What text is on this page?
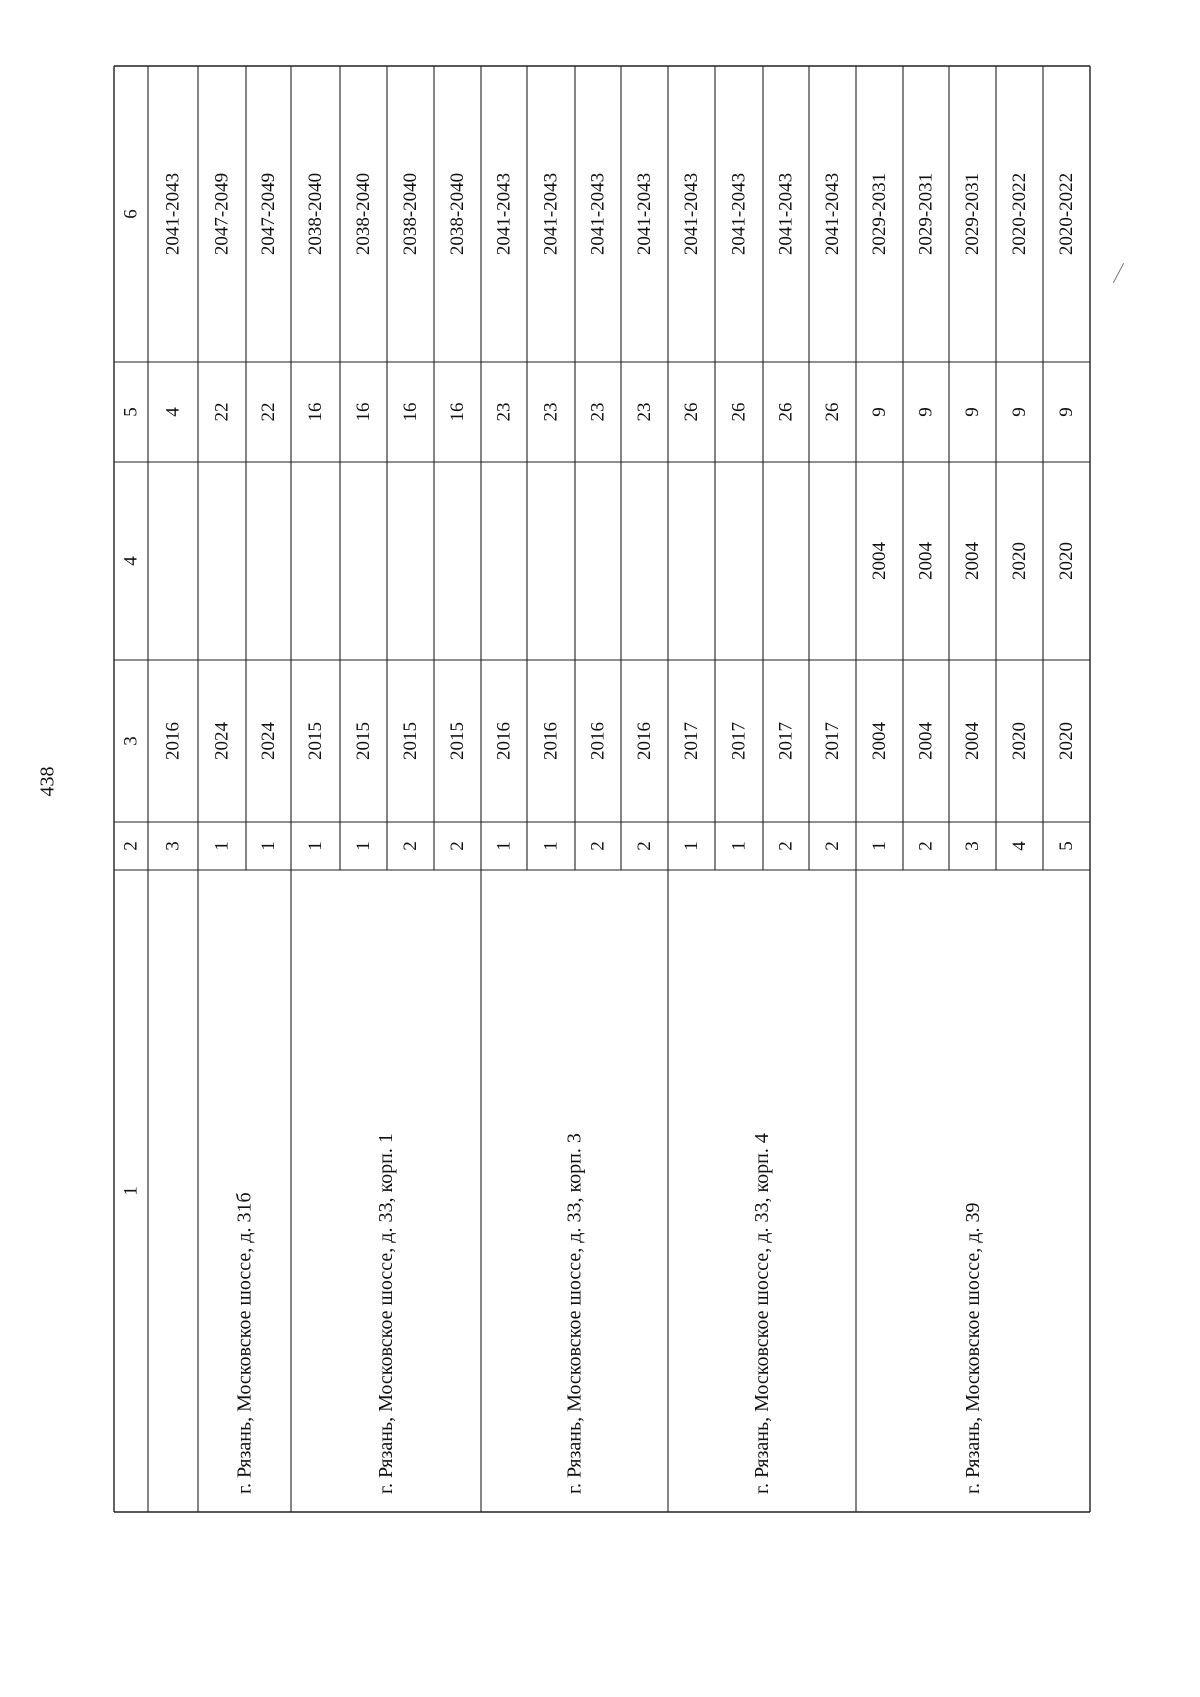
438
1
2
3
4
5
6
3
2016
4
2041-2043
г. Рязань, Московское шоссе, д. 31б
1
2024
22
2047-2049
1
2024
22
2047-2049
г. Рязань, Московское шоссе, д. 33, корп. 1
1
2015
16
2038-2040
1
2015
16
2038-2040
2
2015
16
2038-2040
2
2015
16
2038-2040
г. Рязань, Московское шоссе, д. 33, корп. 3
1
2016
23
2041-2043
1
2016
23
2041-2043
2
2016
23
2041-2043
2
2016
23
2041-2043
г. Рязань, Московское шоссе, д. 33, корп. 4
1
2017
26
2041-2043
1
2017
26
2041-2043
2
2017
26
2041-2043
2
2017
26
2041-2043
г. Рязань, Московское шоссе, д. 39
1
2004
2004
9
2029-2031
2
2004
2004
9
2029-2031
3
2004
2004
9
2029-2031
4
2020
2020
9
2020-2022
5
2020
2020
9
2020-2022
